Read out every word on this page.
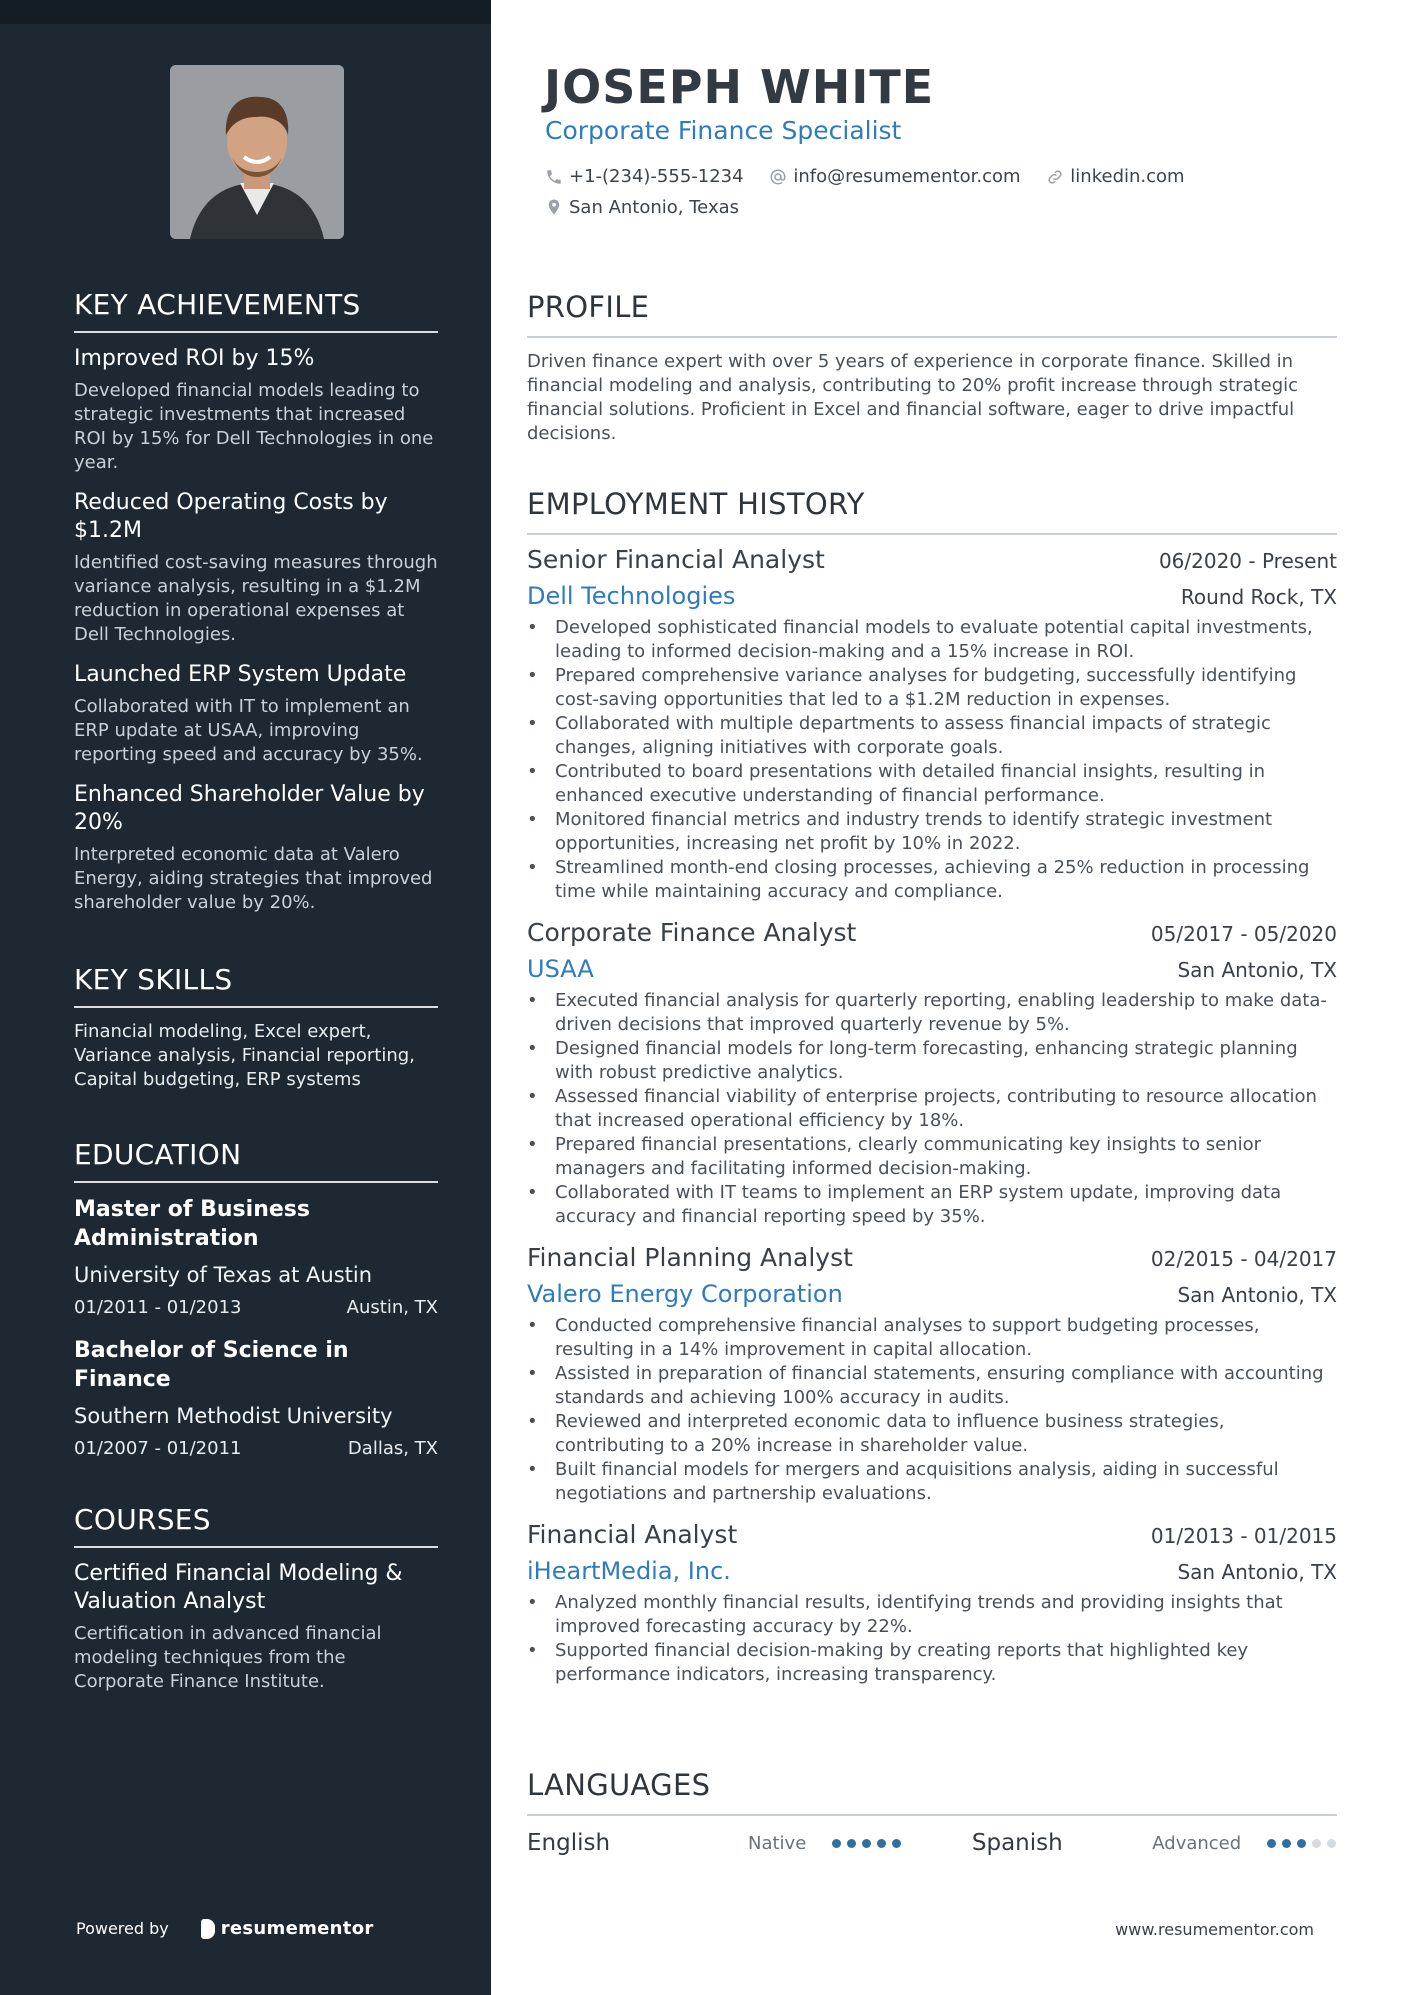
KEY ACHIEVEMENTS
Improved ROI by 15%
Developed financial models leading to strategic investments that increased ROI by 15% for Dell Technologies in one year.
Reduced Operating Costs by $1.2M
Identified cost-saving measures through variance analysis, resulting in a $1.2M reduction in operational expenses at Dell Technologies.
Launched ERP System Update
Collaborated with IT to implement an ERP update at USAA, improving reporting speed and accuracy by 35%.
Enhanced Shareholder Value by 20%
Interpreted economic data at Valero Energy, aiding strategies that improved shareholder value by 20%.
KEY SKILLS
Financial modeling, Excel expert, Variance analysis, Financial reporting, Capital budgeting, ERP systems
EDUCATION
Master of Business Administration
University of Texas at Austin
01/2011 - 01/2013	Austin, TX
Bachelor of Science in Finance
Southern Methodist University
01/2007 - 01/2011	Dallas, TX
COURSES
Certified Financial Modeling & Valuation Analyst
Certification in advanced financial modeling techniques from the Corporate Finance Institute.
Powered by	resumementor
JOSEPH WHITE
Corporate Finance Specialist
+1-(234)-555-1234
	info@resumementor.com
	linkedin.com
San Antonio, Texas
PROFILE
Driven finance expert with over 5 years of experience in corporate finance. Skilled in financial modeling and analysis, contributing to 20% profit increase through strategic financial solutions. Proficient in Excel and financial software, eager to drive impactful decisions.
EMPLOYMENT HISTORY
Senior Financial Analyst	06/2020 - Present
Dell Technologies	Round Rock, TX
• Developed sophisticated financial models to evaluate potential capital investments, leading to informed decision-making and a 15% increase in ROI.
• Prepared comprehensive variance analyses for budgeting, successfully identifying cost-saving opportunities that led to a $1.2M reduction in expenses.
• Collaborated with multiple departments to assess financial impacts of strategic changes, aligning initiatives with corporate goals.
• Contributed to board presentations with detailed financial insights, resulting in enhanced executive understanding of financial performance.
• Monitored financial metrics and industry trends to identify strategic investment opportunities, increasing net profit by 10% in 2022.
• Streamlined month-end closing processes, achieving a 25% reduction in processing time while maintaining accuracy and compliance.
Corporate Finance Analyst	05/2017 - 05/2020
USAA	San Antonio, TX
• Executed financial analysis for quarterly reporting, enabling leadership to make data-driven decisions that improved quarterly revenue by 5%.
• Designed financial models for long-term forecasting, enhancing strategic planning with robust predictive analytics.
• Assessed financial viability of enterprise projects, contributing to resource allocation that increased operational efficiency by 18%.
• Prepared financial presentations, clearly communicating key insights to senior managers and facilitating informed decision-making.
• Collaborated with IT teams to implement an ERP system update, improving data accuracy and financial reporting speed by 35%.
Financial Planning Analyst	02/2015 - 04/2017
Valero Energy Corporation	San Antonio, TX
• Conducted comprehensive financial analyses to support budgeting processes, resulting in a 14% improvement in capital allocation.
• Assisted in preparation of financial statements, ensuring compliance with accounting standards and achieving 100% accuracy in audits.
• Reviewed and interpreted economic data to influence business strategies, contributing to a 20% increase in shareholder value.
• Built financial models for mergers and acquisitions analysis, aiding in successful negotiations and partnership evaluations.
Financial Analyst	01/2013 - 01/2015
iHeartMedia, Inc.	San Antonio, TX
• Analyzed monthly financial results, identifying trends and providing insights that improved forecasting accuracy by 22%.
• Supported financial decision-making by creating reports that highlighted key performance indicators, increasing transparency.
LANGUAGES
English	Native	Spanish	Advanced
www.resumementor.com
